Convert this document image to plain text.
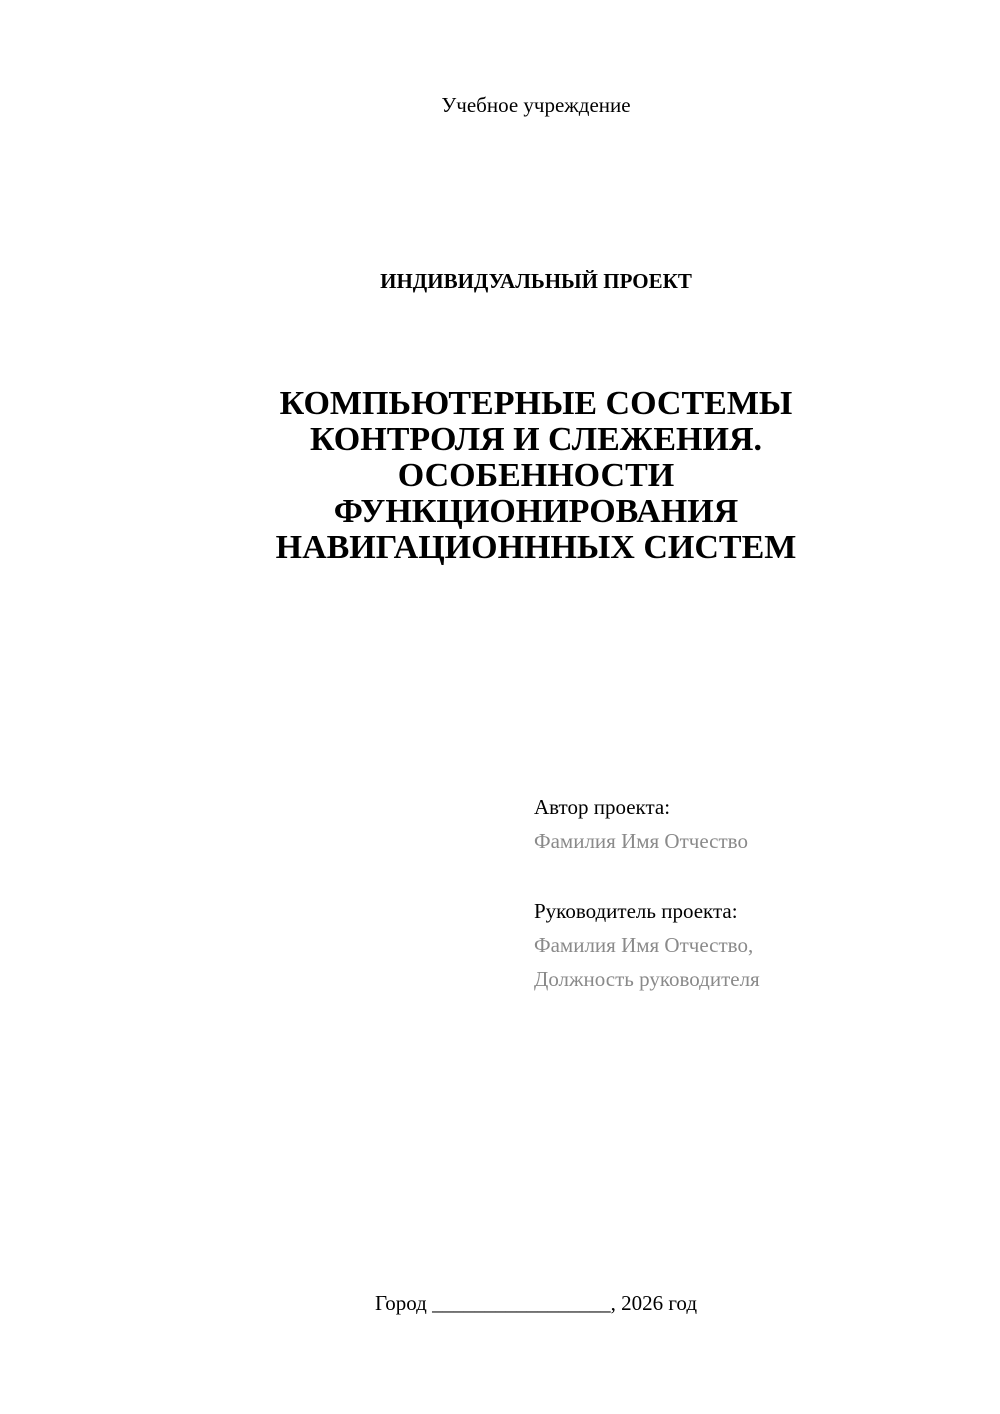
Учебное учреждение
ИНДИВИДУАЛЬНЫЙ ПРОЕКТ
КОМПЬЮТЕРНЫЕ СОСТЕМЫ
КОНТРОЛЯ И СЛЕЖЕНИЯ.
ОСОБЕННОСТИ
ФУНКЦИОНИРОВАНИЯ
НАВИГАЦИОНННЫХ СИСТЕМ
Автор проекта:
Фамилия Имя Отчество
Руководитель проекта:
Фамилия Имя Отчество,
Должность руководителя
Город _________________, 2026 год
